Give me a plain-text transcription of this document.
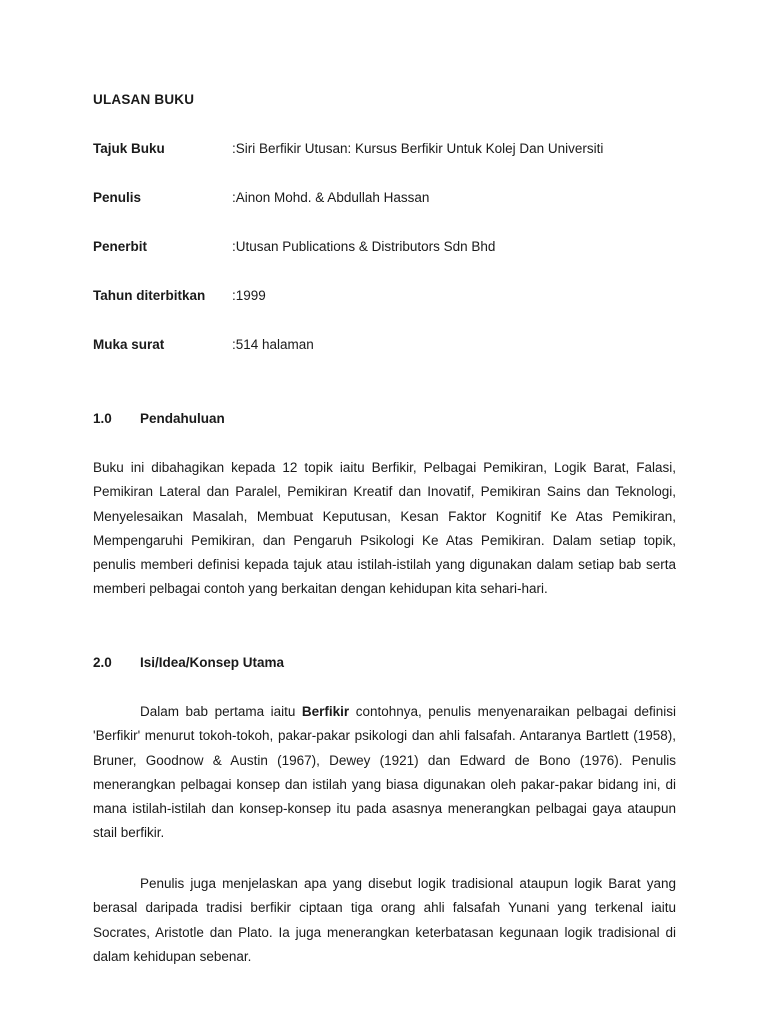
ULASAN BUKU
Tajuk Buku	:Siri Berfikir Utusan: Kursus Berfikir Untuk Kolej Dan Universiti
Penulis	:Ainon Mohd. & Abdullah Hassan
Penerbit	:Utusan Publications & Distributors Sdn Bhd
Tahun diterbitkan :1999
Muka surat	:514 halaman
1.0 Pendahuluan

Buku ini dibahagikan kepada 12 topik iaitu Berfikir, Pelbagai Pemikiran, Logik Barat, Falasi, Pemikiran Lateral dan Paralel, Pemikiran Kreatif dan Inovatif, Pemikiran Sains dan Teknologi, Menyelesaikan Masalah, Membuat Keputusan, Kesan Faktor Kognitif Ke Atas Pemikiran, Mempengaruhi Pemikiran, dan Pengaruh Psikologi Ke Atas Pemikiran. Dalam setiap topik, penulis memberi definisi kepada tajuk atau istilah-istilah yang digunakan dalam setiap bab serta memberi pelbagai contoh yang berkaitan dengan kehidupan kita sehari-hari.

2.0 Isi/Idea/Konsep Utama

Dalam bab pertama iaitu Berfikir contohnya, penulis menyenaraikan pelbagai definisi 'Berfikir' menurut tokoh-tokoh, pakar-pakar psikologi dan ahli falsafah. Antaranya Bartlett (1958), Bruner, Goodnow & Austin (1967), Dewey (1921) dan Edward de Bono (1976). Penulis menerangkan pelbagai konsep dan istilah yang biasa digunakan oleh pakar-pakar bidang ini, di mana istilah-istilah dan konsep-konsep itu pada asasnya menerangkan pelbagai gaya ataupun stail berfikir.

Penulis juga menjelaskan apa yang disebut logik tradisional ataupun logik Barat yang berasal daripada tradisi berfikir ciptaan tiga orang ahli falsafah Yunani yang terkenal iaitu Socrates, Aristotle dan Plato. Ia juga menerangkan keterbatasan kegunaan logik tradisional di dalam kehidupan sebenar.
